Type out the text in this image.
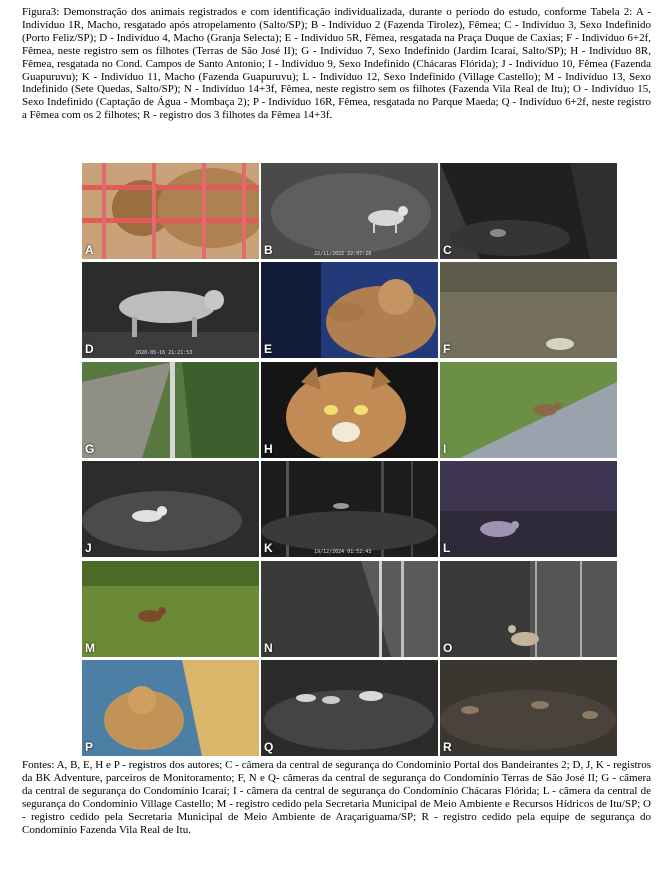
Figura3: Demonstração dos animais registrados e com identificação individualizada, durante o período do estudo, conforme Tabela 2: A - Indivíduo 1R, Macho, resgatado após atropelamento (Salto/SP); B - Indivíduo 2 (Fazenda Tirolez), Fêmea; C - Indivíduo 3, Sexo Indefinido (Porto Feliz/SP); D - Indivíduo 4, Macho (Granja Selecta); E - Indivíduo 5R, Fêmea, resgatada na Praça Duque de Caxias; F - Indivíduo 6+2f, Fêmea, neste registro sem os filhotes (Terras de São José II); G - Indivíduo 7, Sexo Indefinido (Jardim Icaraí, Salto/SP); H - Indivíduo 8R, Fêmea, resgatada no Cond. Campos de Santo Antonio; I - Indivíduo 9, Sexo Indefinido (Chácaras Flórida); J - Indivíduo 10, Fêmea (Fazenda Guapuruvu); K - Indivíduo 11, Macho (Fazenda Guapuruvu); L - Indivíduo 12, Sexo Indefinido (Village Castello); M - Indivíduo 13, Sexo Indefinido (Sete Quedas, Salto/SP); N - Indivíduo 14+3f, Fêmea, neste registro sem os filhotes (Fazenda Vila Real de Itu); O - Indivíduo 15, Sexo Indefinido (Captação de Água - Mombaça 2); P - Indivíduo 16R, Fêmea, resgatada no Parque Maeda; Q - Indivíduo 6+2f, neste registro a Fêmea com os 2 filhotes; R - registro dos 3 filhotes da Fêmea 14+3f.

A	22/11/2022 22:07:28
B	C
2020-05-16 21:21:53
D	E	F
G	H	I
J	19/12/2024 01:52:43
K	L
M	N	O
P	Q	R

Fontes: A, B, E, H e P - registros dos autores; C - câmera da central de segurança do Condomínio Portal dos Bandeirantes 2; D, J, K - registros da BK Adventure, parceiros de Monitoramento; F, N e Q- câmeras da central de segurança do Condomínio Terras de São José II; G - câmera da central de segurança do Condomínio Icaraí; I - câmera da central de segurança do Condomínio Chácaras Flórida; L - câmera da central de segurança do Condomínio Village Castello; M - registro cedido pela Secretaria Municipal de Meio Ambiente e Recursos Hídricos de Itu/SP; O - registro cedido pela Secretaria Municipal de Meio Ambiente de Araçariguama/SP; R - registro cedido pela equipe de segurança do Condomínio Fazenda Vila Real de Itu.
